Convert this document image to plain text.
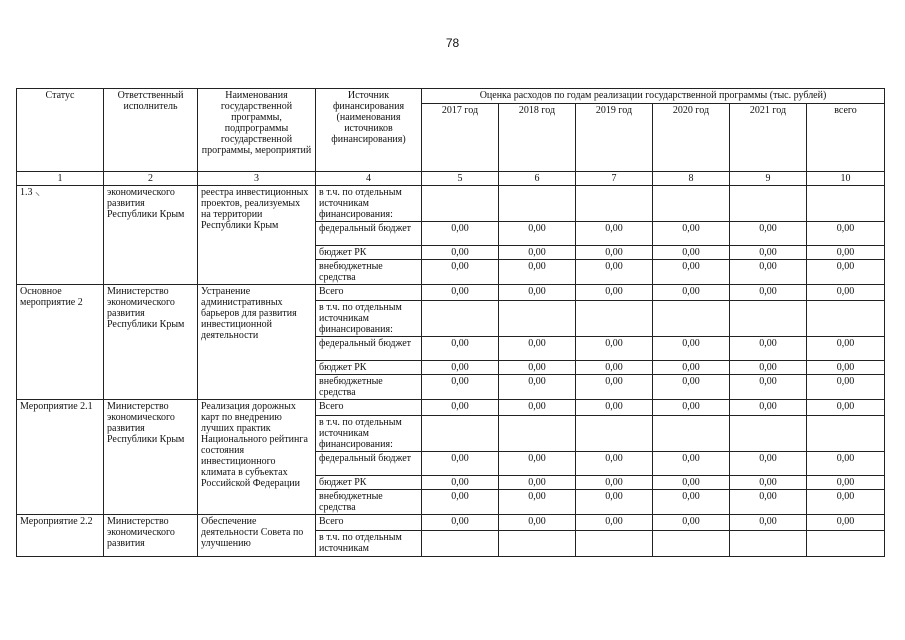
78
Статус	Ответственный исполнитель	Наименования государственной программы, подпрограммы государственной программы, мероприятий	Источник финансирования (наименования источников финансирования)	Оценка расходов по годам реализации государственной программы (тыс. рублей)					
				2017 год	2018 год	2019 год	2020 год	2021 год	всего
1	2	3	4	5	6	7	8	9	10
1.3 ⸜	экономического развития Республики Крым	реестра инвестиционных проектов, реализуемых на территории Республики Крым	в т.ч. по отдельным источникам финансирования:						
			федеральный бюджет	0,00	0,00	0,00	0,00	0,00	0,00
			бюджет РК	0,00	0,00	0,00	0,00	0,00	0,00
			внебюджетные средства	0,00	0,00	0,00	0,00	0,00	0,00
Основное мероприятие 2	Министерство экономического развития Республики Крым	Устранение административных барьеров для развития инвестиционной деятельности	Всего	0,00	0,00	0,00	0,00	0,00	0,00
			в т.ч. по отдельным источникам финансирования:						
			федеральный бюджет	0,00	0,00	0,00	0,00	0,00	0,00
			бюджет РК	0,00	0,00	0,00	0,00	0,00	0,00
			внебюджетные средства	0,00	0,00	0,00	0,00	0,00	0,00
Мероприятие 2.1	Министерство экономического развития Республики Крым	Реализация дорожных карт по внедрению лучших практик Национального рейтинга состояния инвестиционного климата в субъектах Российской Федерации	Всего	0,00	0,00	0,00	0,00	0,00	0,00
			в т.ч. по отдельным источникам финансирования:						
			федеральный бюджет	0,00	0,00	0,00	0,00	0,00	0,00
			бюджет РК	0,00	0,00	0,00	0,00	0,00	0,00
			внебюджетные средства	0,00	0,00	0,00	0,00	0,00	0,00
Мероприятие 2.2	Министерство экономического развития	Обеспечение деятельности Совета по улучшению	Всего	0,00	0,00	0,00	0,00	0,00	0,00
			в т.ч. по отдельным источникам						
